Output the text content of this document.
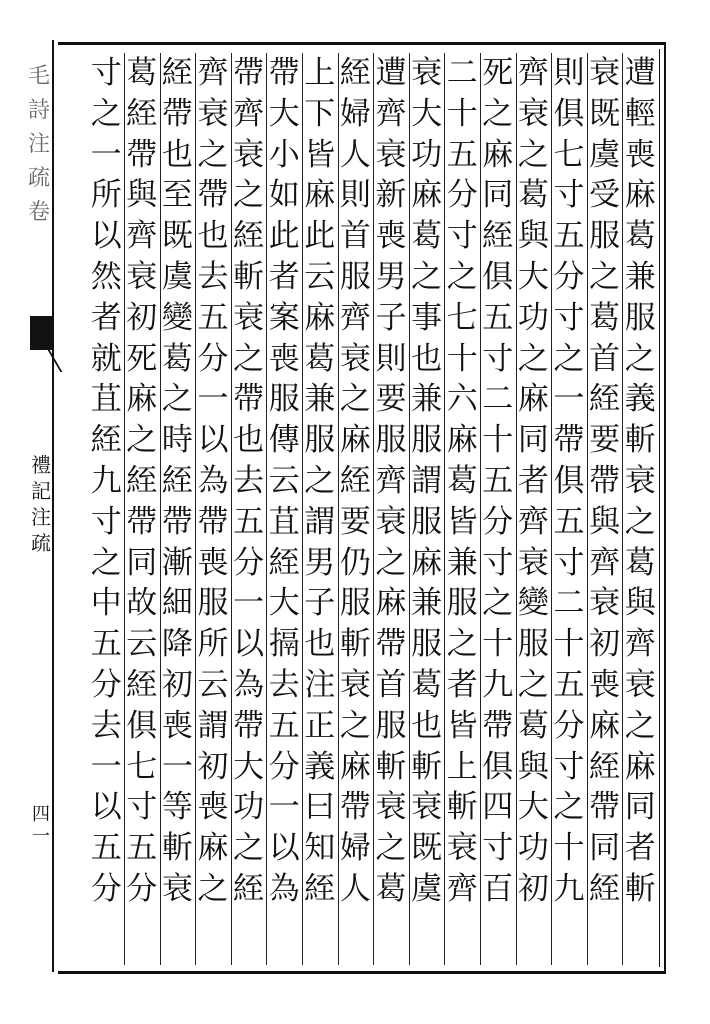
毛
詩
注
疏
卷
禮
記
注
疏
四
一
遭
輕
喪
麻
葛
兼
服
之
義
斬
衰
之
葛
與
齊
衰
之
麻
同
者
斬
衰
既
虞
受
服
之
葛
首
絰
要
帶
與
齊
衰
初
喪
麻
絰
帶
同
絰
則
俱
七
寸
五
分
寸
之
一
帶
俱
五
寸
二
十
五
分
寸
之
十
九
齊
衰
之
葛
與
大
功
之
麻
同
者
齊
衰
變
服
之
葛
與
大
功
初
死
之
麻
同
絰
俱
五
寸
二
十
五
分
寸
之
十
九
帶
俱
四
寸
百
二
十
五
分
寸
之
七
十
六
麻
葛
皆
兼
服
之
者
皆
上
斬
衰
齊
衰
大
功
麻
葛
之
事
也
兼
服
謂
服
麻
兼
服
葛
也
斬
衰
既
虞
遭
齊
衰
新
喪
男
子
則
要
服
齊
衰
之
麻
帶
首
服
斬
衰
之
葛
絰
婦
人
則
首
服
齊
衰
之
麻
絰
要
仍
服
斬
衰
之
麻
帶
婦
人
上
下
皆
麻
此
云
麻
葛
兼
服
之
謂
男
子
也
注
正
義
曰
知
絰
帶
大
小
如
此
者
案
喪
服
傳
云
苴
絰
大
搹
去
五
分
一
以
為
帶
齊
衰
之
絰
斬
衰
之
帶
也
去
五
分
一
以
為
帶
大
功
之
絰
齊
衰
之
帶
也
去
五
分
一
以
為
帶
喪
服
所
云
謂
初
喪
麻
之
絰
帶
也
至
既
虞
變
葛
之
時
絰
帶
漸
細
降
初
喪
一
等
斬
衰
葛
絰
帶
與
齊
衰
初
死
麻
之
絰
帶
同
故
云
絰
俱
七
寸
五
分
寸
之
一
所
以
然
者
就
苴
絰
九
寸
之
中
五
分
去
一
以
五
分
